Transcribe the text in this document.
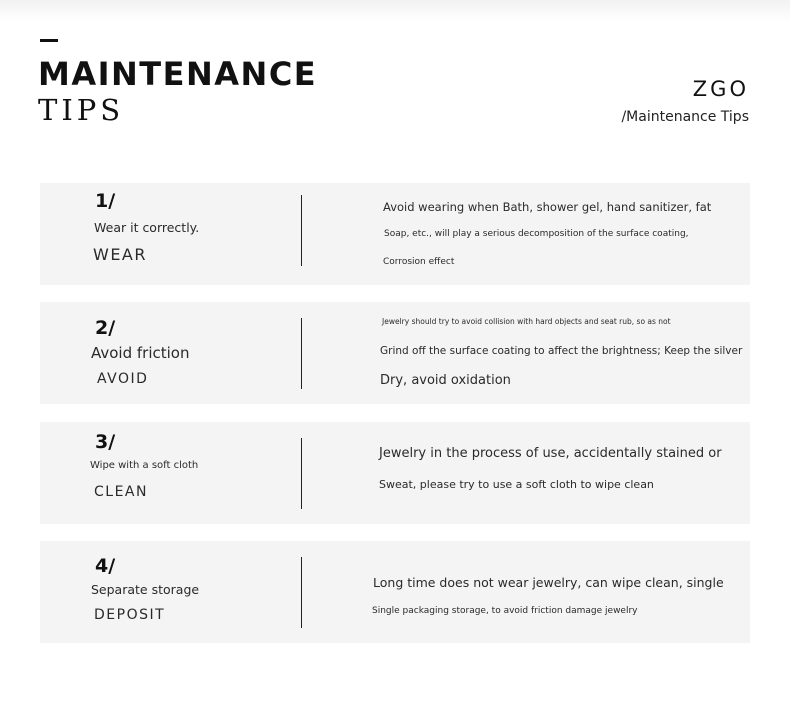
MAINTENANCE
TIPS
ZGO
/Maintenance Tips
1/
Wear it correctly.
WEAR
Avoid wearing when Bath, shower gel, hand sanitizer, fat
Soap, etc., will play a serious decomposition of the surface coating,
Corrosion effect
2/
Avoid friction
AVOID
Jewelry should try to avoid collision with hard objects and seat rub, so as not
Grind off the surface coating to affect the brightness; Keep the silver
Dry, avoid oxidation
3/
Wipe with a soft cloth
CLEAN
Jewelry in the process of use, accidentally stained or
Sweat, please try to use a soft cloth to wipe clean
4/
Separate storage
DEPOSIT
Long time does not wear jewelry, can wipe clean, single
Single packaging storage, to avoid friction damage jewelry
